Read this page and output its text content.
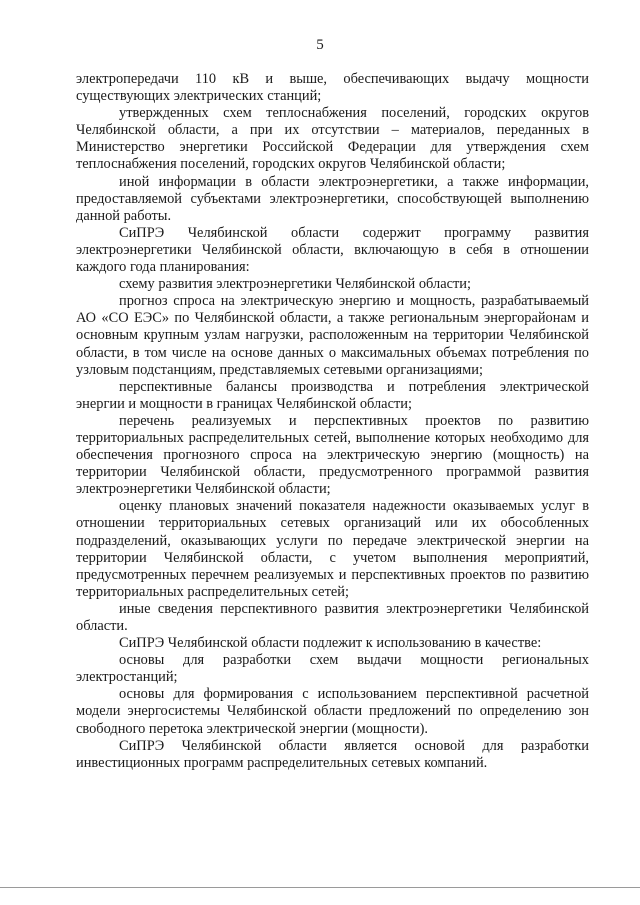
5

электропередачи 110 кВ и выше, обеспечивающих выдачу мощности существующих электрических станций;

утвержденных схем теплоснабжения поселений, городских округов Челябинской области, а при их отсутствии – материалов, переданных в Министерство энергетики Российской Федерации для утверждения схем теплоснабжения поселений, городских округов Челябинской области;

иной информации в области электроэнергетики, а также информации, предоставляемой субъектами электроэнергетики, способствующей выполнению данной работы.

СиПРЭ Челябинской области содержит программу развития электроэнергетики Челябинской области, включающую в себя в отношении каждого года планирования:

схему развития электроэнергетики Челябинской области;

прогноз спроса на электрическую энергию и мощность, разрабатываемый АО «СО ЕЭС» по Челябинской области, а также региональным энергорайонам и основным крупным узлам нагрузки, расположенным на территории Челябинской области, в том числе на основе данных о максимальных объемах потребления по узловым подстанциям, представляемых сетевыми организациями;

перспективные балансы производства и потребления электрической энергии и мощности в границах Челябинской области;

перечень реализуемых и перспективных проектов по развитию территориальных распределительных сетей, выполнение которых необходимо для обеспечения прогнозного спроса на электрическую энергию (мощность) на территории Челябинской области, предусмотренного программой развития электроэнергетики Челябинской области;

оценку плановых значений показателя надежности оказываемых услуг в отношении территориальных сетевых организаций или их обособленных подразделений, оказывающих услуги по передаче электрической энергии на территории Челябинской области, с учетом выполнения мероприятий, предусмотренных перечнем реализуемых и перспективных проектов по развитию территориальных распределительных сетей;

иные сведения перспективного развития электроэнергетики Челябинской области.

СиПРЭ Челябинской области подлежит к использованию в качестве:

основы для разработки схем выдачи мощности региональных электростанций;

основы для формирования с использованием перспективной расчетной модели энергосистемы Челябинской области предложений по определению зон свободного перетока электрической энергии (мощности).

СиПРЭ Челябинской области является основой для разработки инвестиционных программ распределительных сетевых компаний.
